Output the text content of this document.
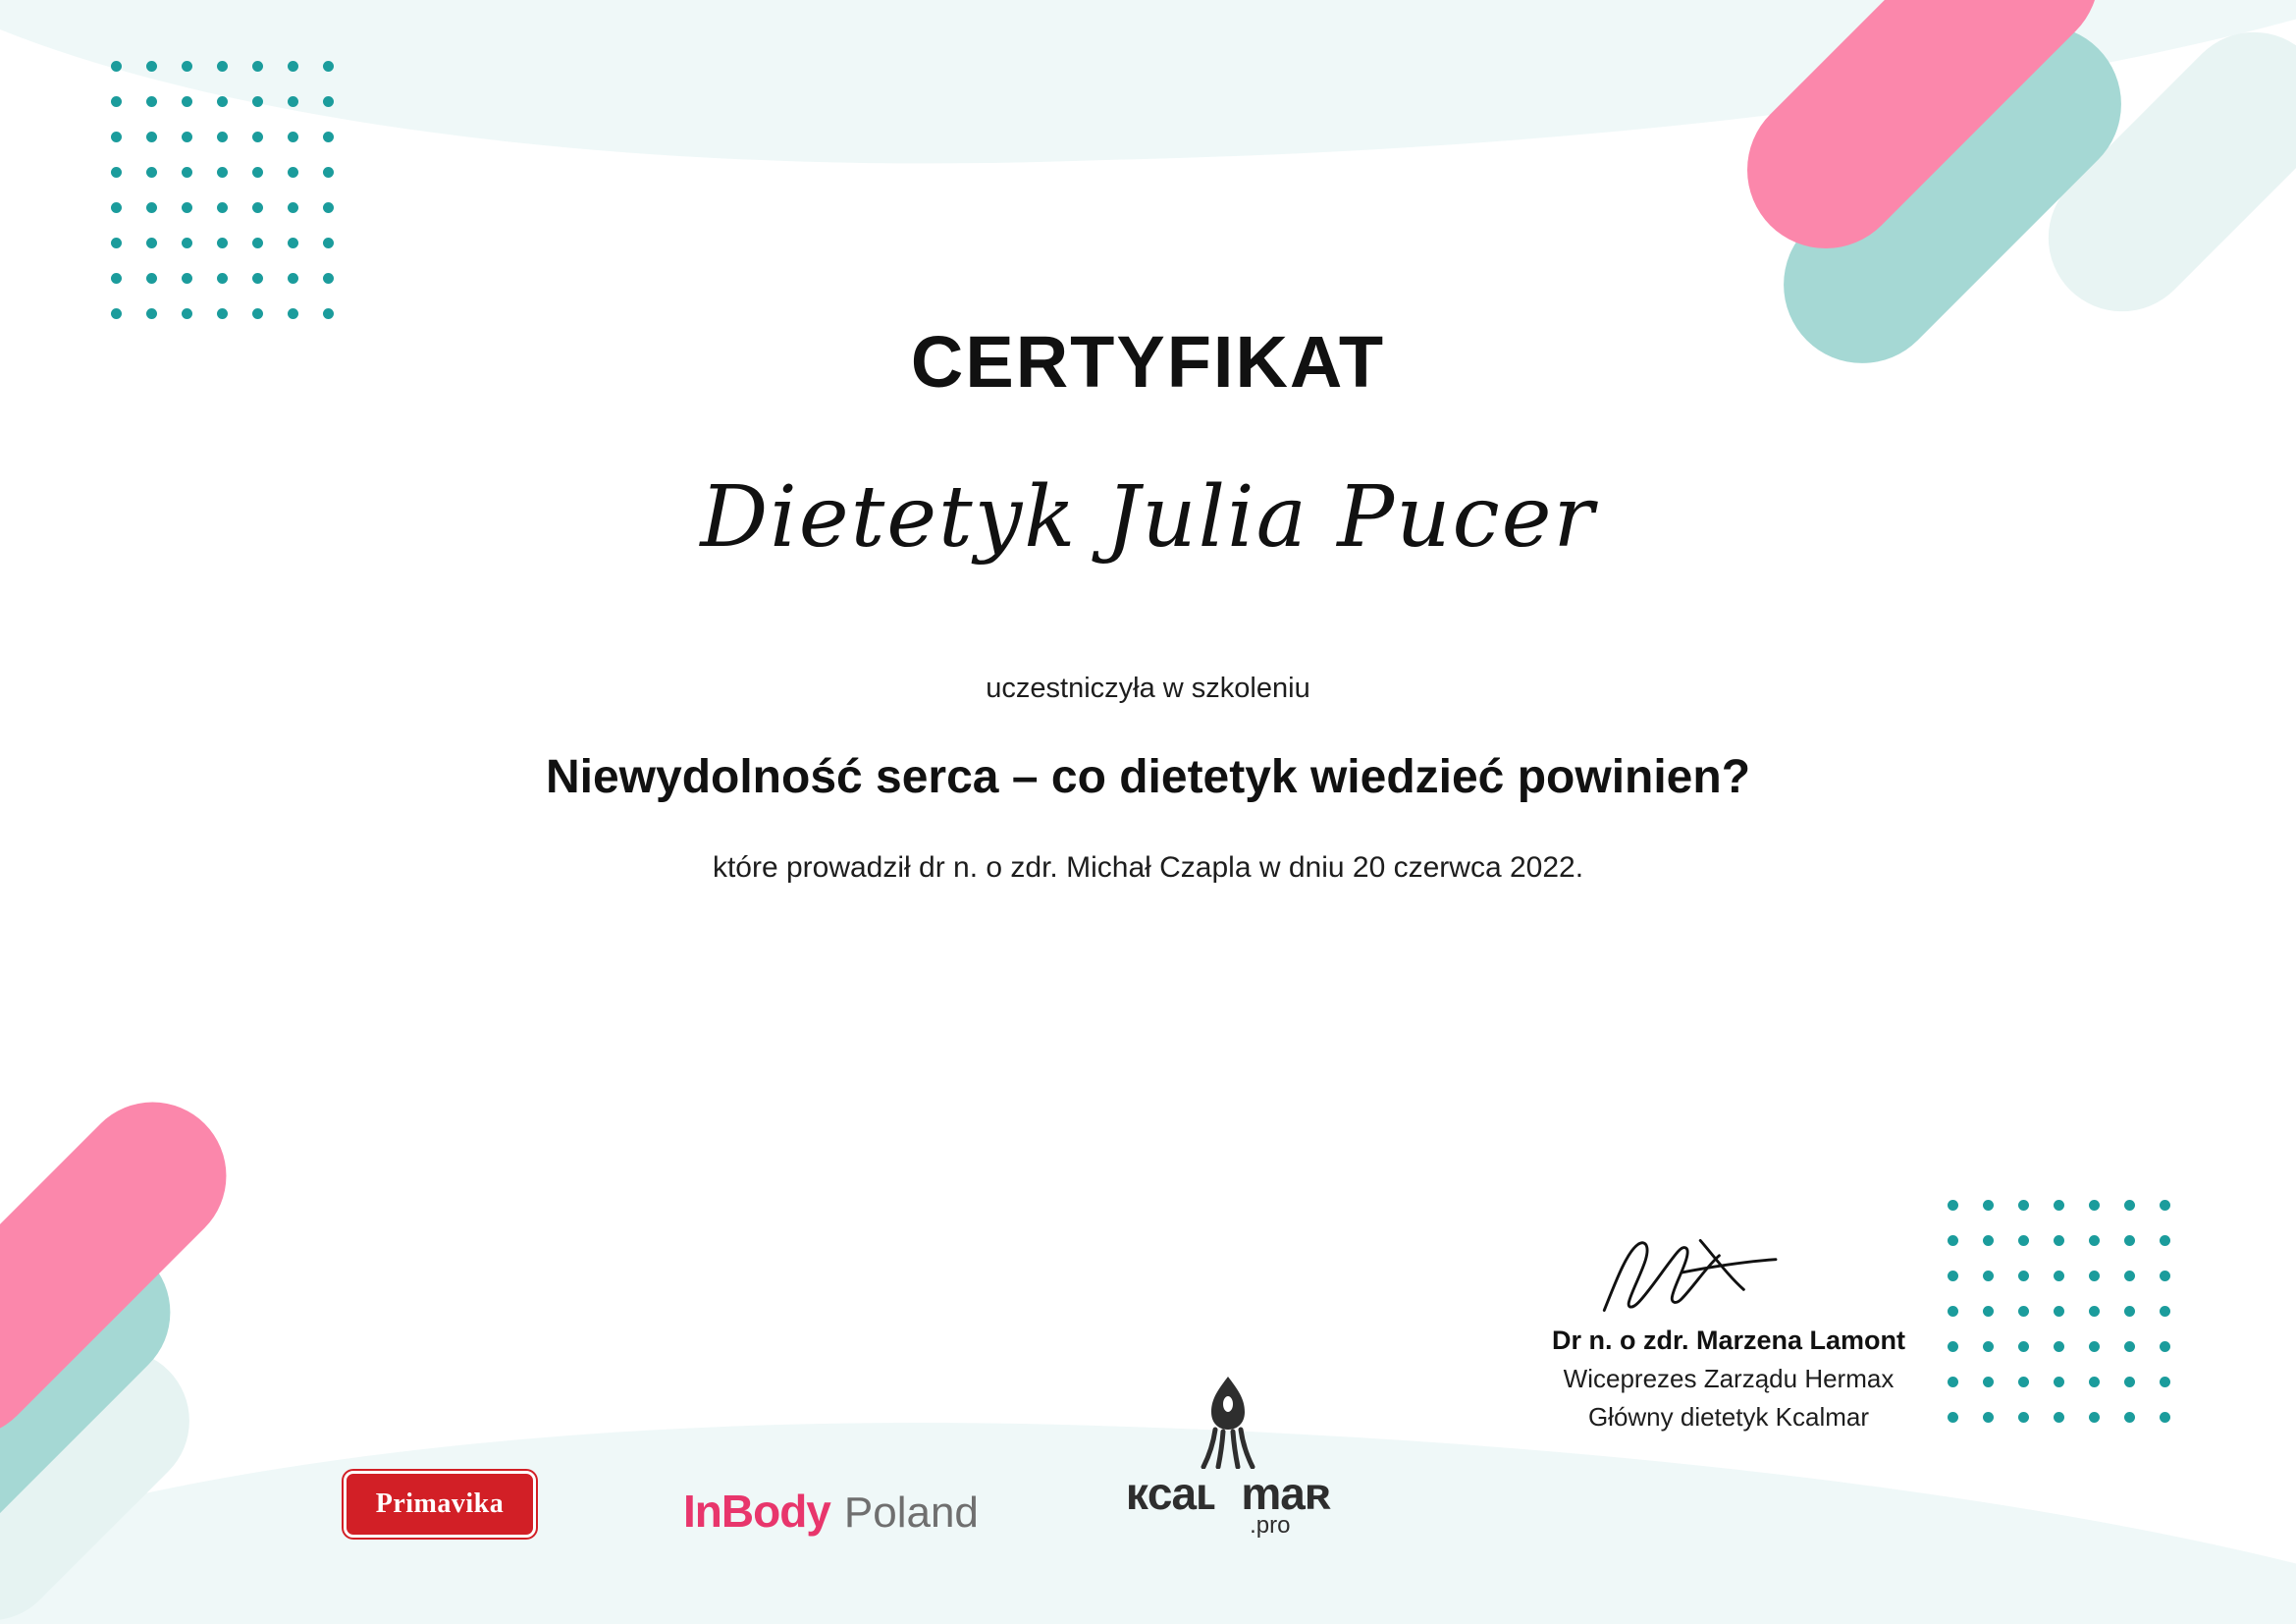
CERTYFIKAT

Dietetyk Julia Pucer

uczestniczyła w szkoleniu

Niewydolność serca – co dietetyk wiedzieć powinien?

które prowadził dr n. o zdr. Michał Czapla w dniu 20 czerwca 2022.

Dr n. o zdr. Marzena Lamont

Wiceprezes Zarządu Hermax

Główny dietetyk Kcalmar

Primavika	InBody Poland	кcaʟ maʀ
.pro
